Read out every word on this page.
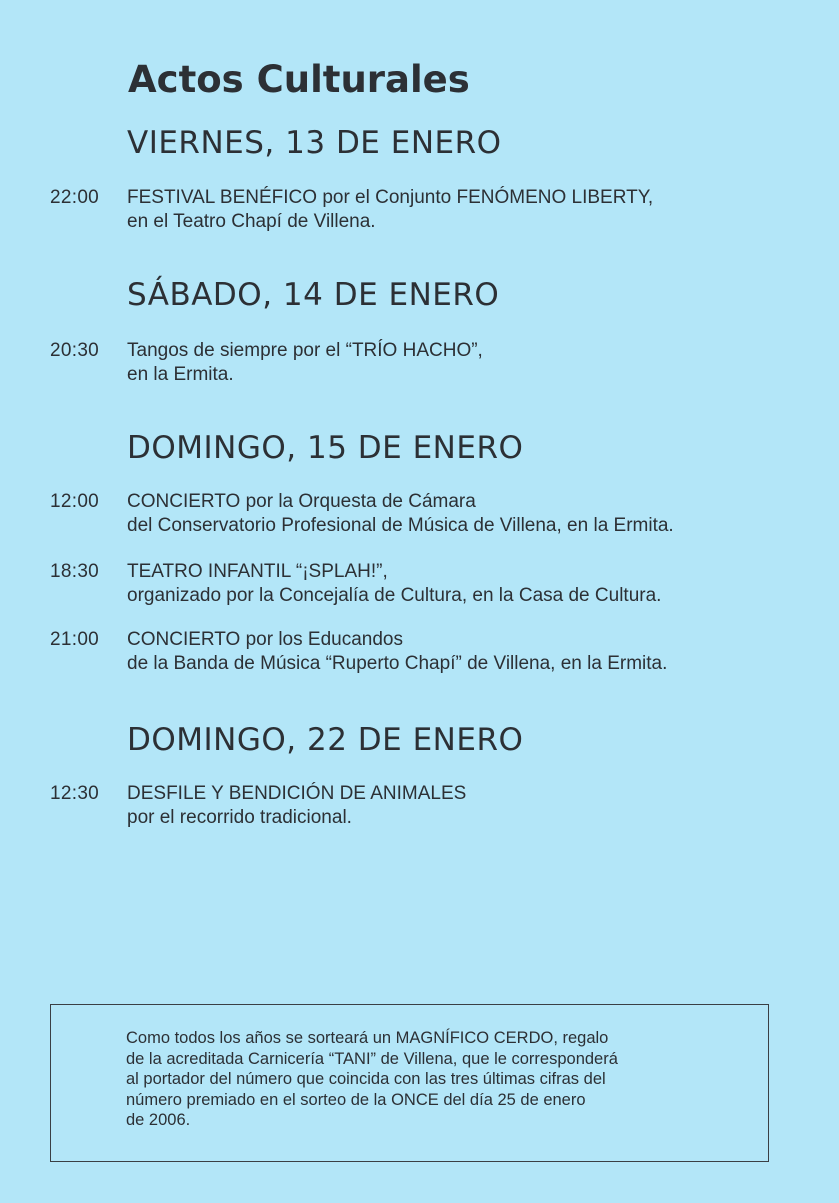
Actos Culturales
VIERNES, 13 DE ENERO
22:00	FESTIVAL BENÉFICO por el Conjunto FENÓMENO LIBERTY,
en el Teatro Chapí de Villena.
SÁBADO, 14 DE ENERO
20:30	Tangos de siempre por el “TRÍO HACHO”,
en la Ermita.
DOMINGO, 15 DE ENERO
12:00	CONCIERTO por la Orquesta de Cámara
del Conservatorio Profesional de Música de Villena, en la Ermita.
18:30	TEATRO INFANTIL “¡SPLAH!”,
organizado por la Concejalía de Cultura, en la Casa de Cultura.
21:00	CONCIERTO por los Educandos
de la Banda de Música “Ruperto Chapí” de Villena, en la Ermita.
DOMINGO, 22 DE ENERO
12:30	DESFILE Y BENDICIÓN DE ANIMALES
por el recorrido tradicional.
Como todos los años se sorteará un MAGNÍFICO CERDO, regalo
de la acreditada Carnicería “TANI” de Villena, que le corresponderá
al portador del número que coincida con las tres últimas cifras del
número premiado en el sorteo de la ONCE del día 25 de enero
de 2006.
